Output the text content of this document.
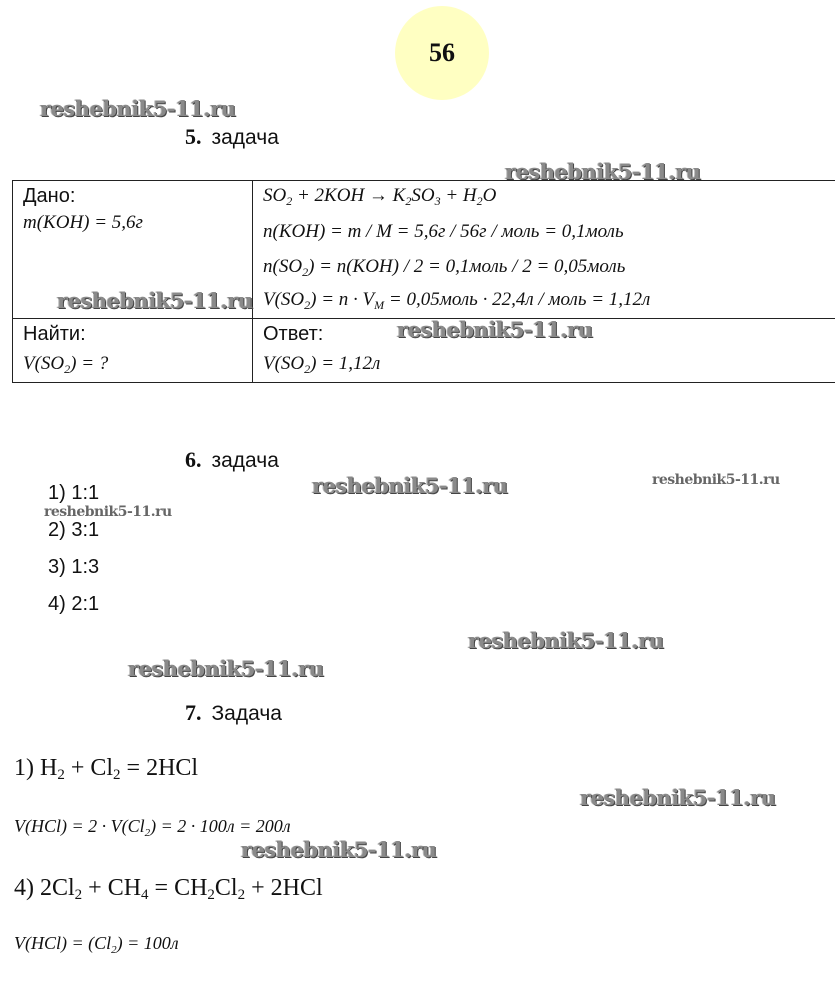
56
reshebnik5-11.ru
reshebnik5-11.ru
reshebnik5-11.ru
reshebnik5-11.ru
reshebnik5-11.ru	reshebnik5-11.ru
reshebnik5-11.ru
reshebnik5-11.ru
reshebnik5-11.ru
reshebnik5-11.ru
reshebnik5-11.ru
5. задача
Дано:
m(KOH) = 5,6г
Найти:
$V(SO_2)$ = ?
$SO_2 + 2KOH \to K_2SO_3 + H_2O$
n(KOH) = m / M = 5,6г / 56г / моль = 0,1моль
$n(SO_2) = n(KOH) / 2$ = 0,1моль / 2 = 0,05моль
$V(SO_2) = n \cdot V_M$ = 0,05моль · 22,4л / моль = 1,12л
Ответ:
$V(SO_2) = 1,12л$
6. задача
1) 1:1
2) 3:1
3) 1:3
4) 2:1
7. Задача
1) $H_2 + Cl_2 = 2HCl$
$V(HCl) = 2 \cdot V(Cl_2) = 2 \cdot 100л = 200л$
4) $2Cl_2 + CH_4 = CH_2Cl_2 + 2HCl$
$V(HCl) = (Cl_2) = 100л$
